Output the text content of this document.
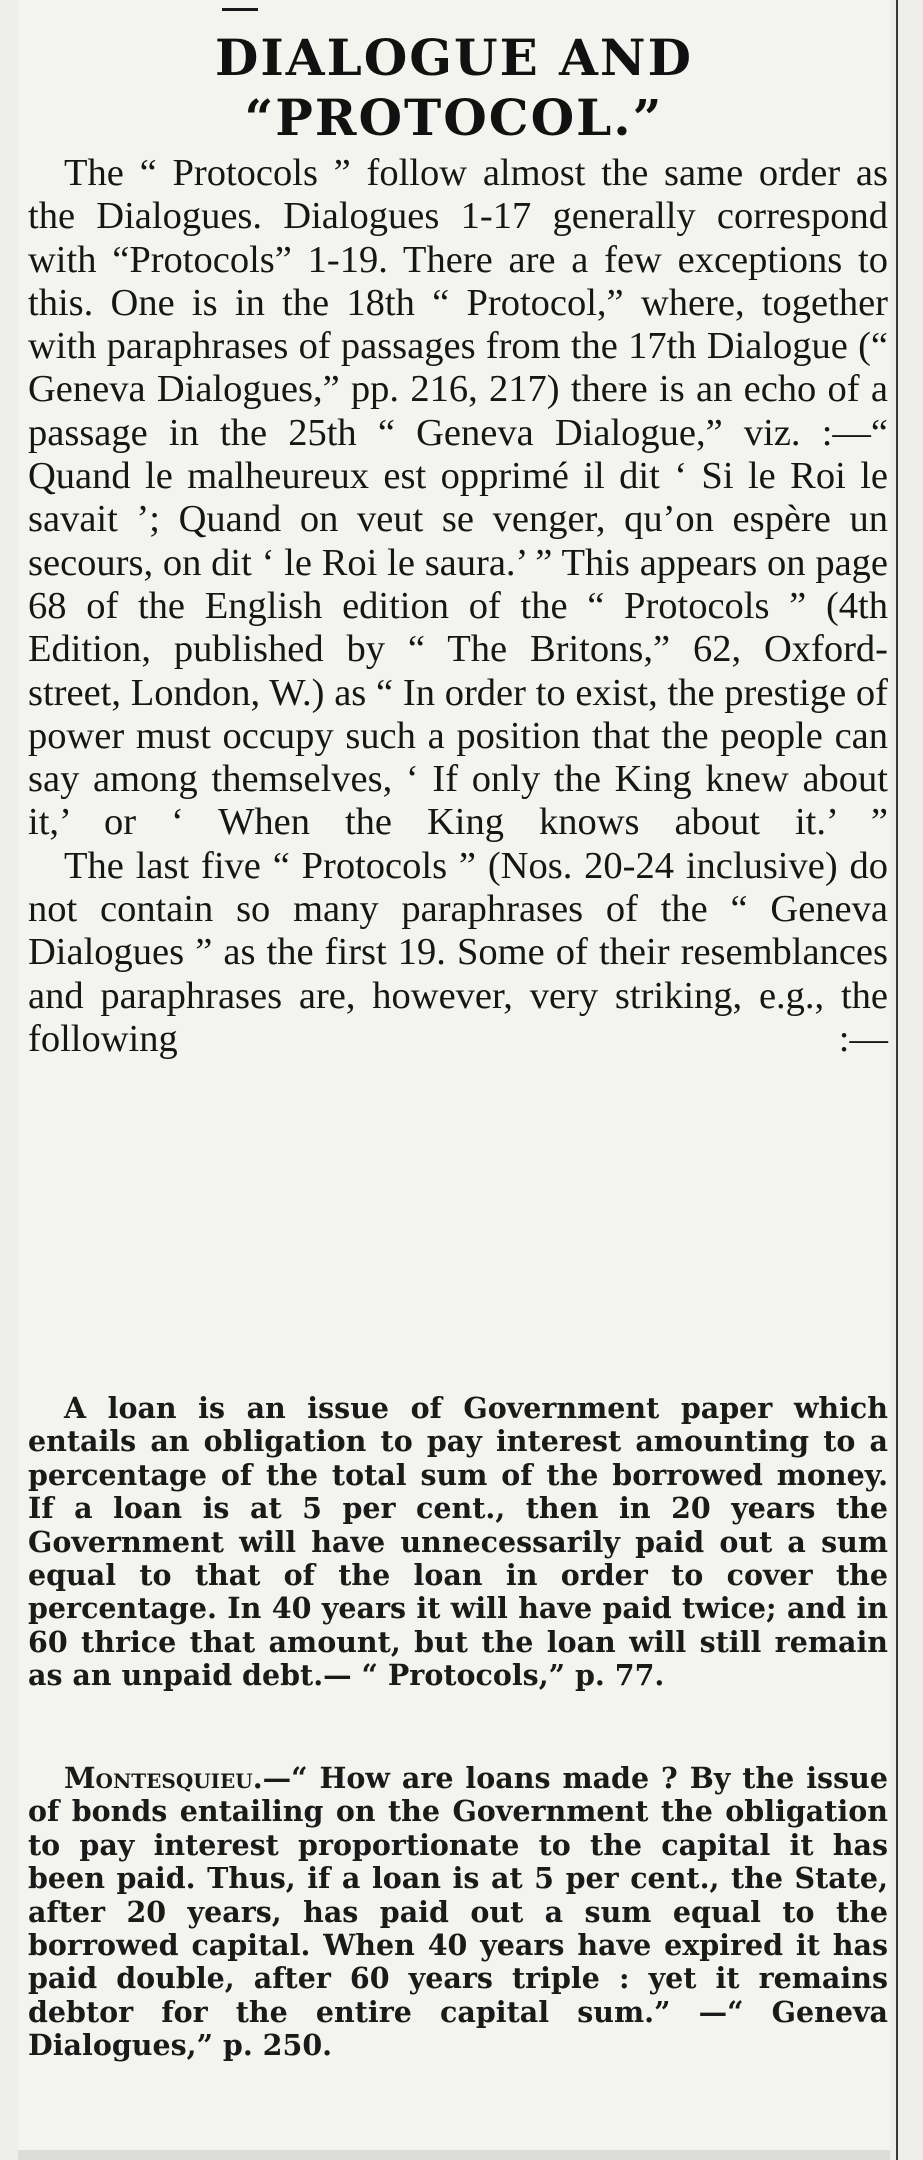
DIALOGUE AND
“PROTOCOL.”

The “ Protocols ” follow almost the same order as the Dialogues. Dialogues 1-17 generally correspond with “Protocols” 1-19. There are a few exceptions to this. One is in the 18th “ Protocol,” where, together with paraphrases of passages from the 17th Dialogue (“ Geneva Dialogues,” pp. 216, 217) there is an echo of a passage in the 25th “ Geneva Dialogue,” viz. :—“ Quand le malheureux est opprimé il dit ‘ Si le Roi le savait ’; Quand on veut se venger, qu’on espère un secours, on dit ‘ le Roi le saura.’ ” This appears on page 68 of the English edition of the “ Protocols ” (4th Edition, published by “ The Britons,” 62, Oxford-street, London, W.) as “ In order to exist, the prestige of power must occupy such a position that the people can say among themselves, ‘ If only the King knew about it,’ or ‘ When the King knows about it.’ ”

The last five “ Protocols ” (Nos. 20-24 inclusive) do not contain so many paraphrases of the “ Geneva Dialogues ” as the first 19. Some of their resemblances and paraphrases are, however, very striking, e.g., the following :—

A loan is an issue of Government paper which entails an obligation to pay interest amounting to a percentage of the total sum of the borrowed money. If a loan is at 5 per cent., then in 20 years the Government will have unnecessarily paid out a sum equal to that of the loan in order to cover the percentage. In 40 years it will have paid twice; and in 60 thrice that amount, but the loan will still remain as an unpaid debt.— “ Protocols,” p. 77.

Montesquieu.—“ How are loans made ? By the issue of bonds entailing on the Government the obligation to pay interest proportionate to the capital it has been paid. Thus, if a loan is at 5 per cent., the State, after 20 years, has paid out a sum equal to the borrowed capital. When 40 years have expired it has paid double, after 60 years triple : yet it remains debtor for the entire capital sum.” —“ Geneva Dialogues,” p. 250.
